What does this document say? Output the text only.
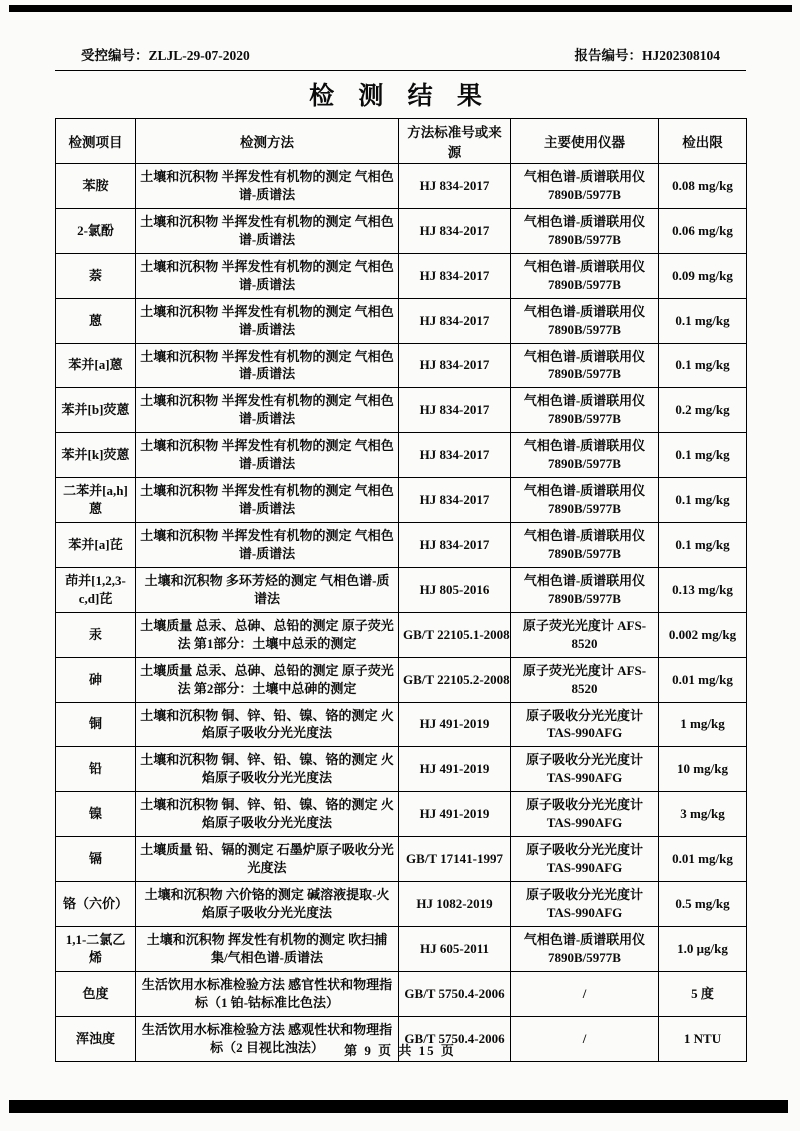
受控编号：ZLJL-29-07-2020	报告编号：HJ202308104
检 测 结 果
检测项目	检测方法	方法标准号或来源	主要使用仪器	检出限
苯胺	土壤和沉积物 半挥发性有机物的测定 气相色谱-质谱法	HJ 834-2017	气相色谱-质谱联用仪 7890B/5977B	0.08 mg/kg
2-氯酚	土壤和沉积物 半挥发性有机物的测定 气相色谱-质谱法	HJ 834-2017	气相色谱-质谱联用仪 7890B/5977B	0.06 mg/kg
萘	土壤和沉积物 半挥发性有机物的测定 气相色谱-质谱法	HJ 834-2017	气相色谱-质谱联用仪 7890B/5977B	0.09 mg/kg
蒽	土壤和沉积物 半挥发性有机物的测定 气相色谱-质谱法	HJ 834-2017	气相色谱-质谱联用仪 7890B/5977B	0.1 mg/kg
苯并[a]蒽	土壤和沉积物 半挥发性有机物的测定 气相色谱-质谱法	HJ 834-2017	气相色谱-质谱联用仪 7890B/5977B	0.1 mg/kg
苯并[b]荧蒽	土壤和沉积物 半挥发性有机物的测定 气相色谱-质谱法	HJ 834-2017	气相色谱-质谱联用仪 7890B/5977B	0.2 mg/kg
苯并[k]荧蒽	土壤和沉积物 半挥发性有机物的测定 气相色谱-质谱法	HJ 834-2017	气相色谱-质谱联用仪 7890B/5977B	0.1 mg/kg
二苯并[a,h]蒽	土壤和沉积物 半挥发性有机物的测定 气相色谱-质谱法	HJ 834-2017	气相色谱-质谱联用仪 7890B/5977B	0.1 mg/kg
苯并[a]芘	土壤和沉积物 半挥发性有机物的测定 气相色谱-质谱法	HJ 834-2017	气相色谱-质谱联用仪 7890B/5977B	0.1 mg/kg
茚并[1,2,3-c,d]芘	土壤和沉积物 多环芳烃的测定 气相色谱-质谱法	HJ 805-2016	气相色谱-质谱联用仪 7890B/5977B	0.13 mg/kg
汞	土壤质量 总汞、总砷、总铅的测定 原子荧光法 第1部分：土壤中总汞的测定	GB/T 22105.1-2008	原子荧光光度计 AFS-8520	0.002 mg/kg
砷	土壤质量 总汞、总砷、总铅的测定 原子荧光法 第2部分：土壤中总砷的测定	GB/T 22105.2-2008	原子荧光光度计 AFS-8520	0.01 mg/kg
铜	土壤和沉积物 铜、锌、铅、镍、铬的测定 火焰原子吸收分光光度法	HJ 491-2019	原子吸收分光光度计 TAS-990AFG	1 mg/kg
铅	土壤和沉积物 铜、锌、铅、镍、铬的测定 火焰原子吸收分光光度法	HJ 491-2019	原子吸收分光光度计 TAS-990AFG	10 mg/kg
镍	土壤和沉积物 铜、锌、铅、镍、铬的测定 火焰原子吸收分光光度法	HJ 491-2019	原子吸收分光光度计 TAS-990AFG	3 mg/kg
镉	土壤质量 铅、镉的测定 石墨炉原子吸收分光光度法	GB/T 17141-1997	原子吸收分光光度计 TAS-990AFG	0.01 mg/kg
铬（六价）	土壤和沉积物 六价铬的测定 碱溶液提取-火焰原子吸收分光光度法	HJ 1082-2019	原子吸收分光光度计 TAS-990AFG	0.5 mg/kg
1,1-二氯乙烯	土壤和沉积物 挥发性有机物的测定 吹扫捕集/气相色谱-质谱法	HJ 605-2011	气相色谱-质谱联用仪 7890B/5977B	1.0 μg/kg
色度	生活饮用水标准检验方法 感官性状和物理指标（1 铂-钴标准比色法）	GB/T 5750.4-2006	/	5 度
浑浊度	生活饮用水标准检验方法 感观性状和物理指标（2 目视比浊法）	GB/T 5750.4-2006	/	1 NTU
第 9 页 共 15 页
